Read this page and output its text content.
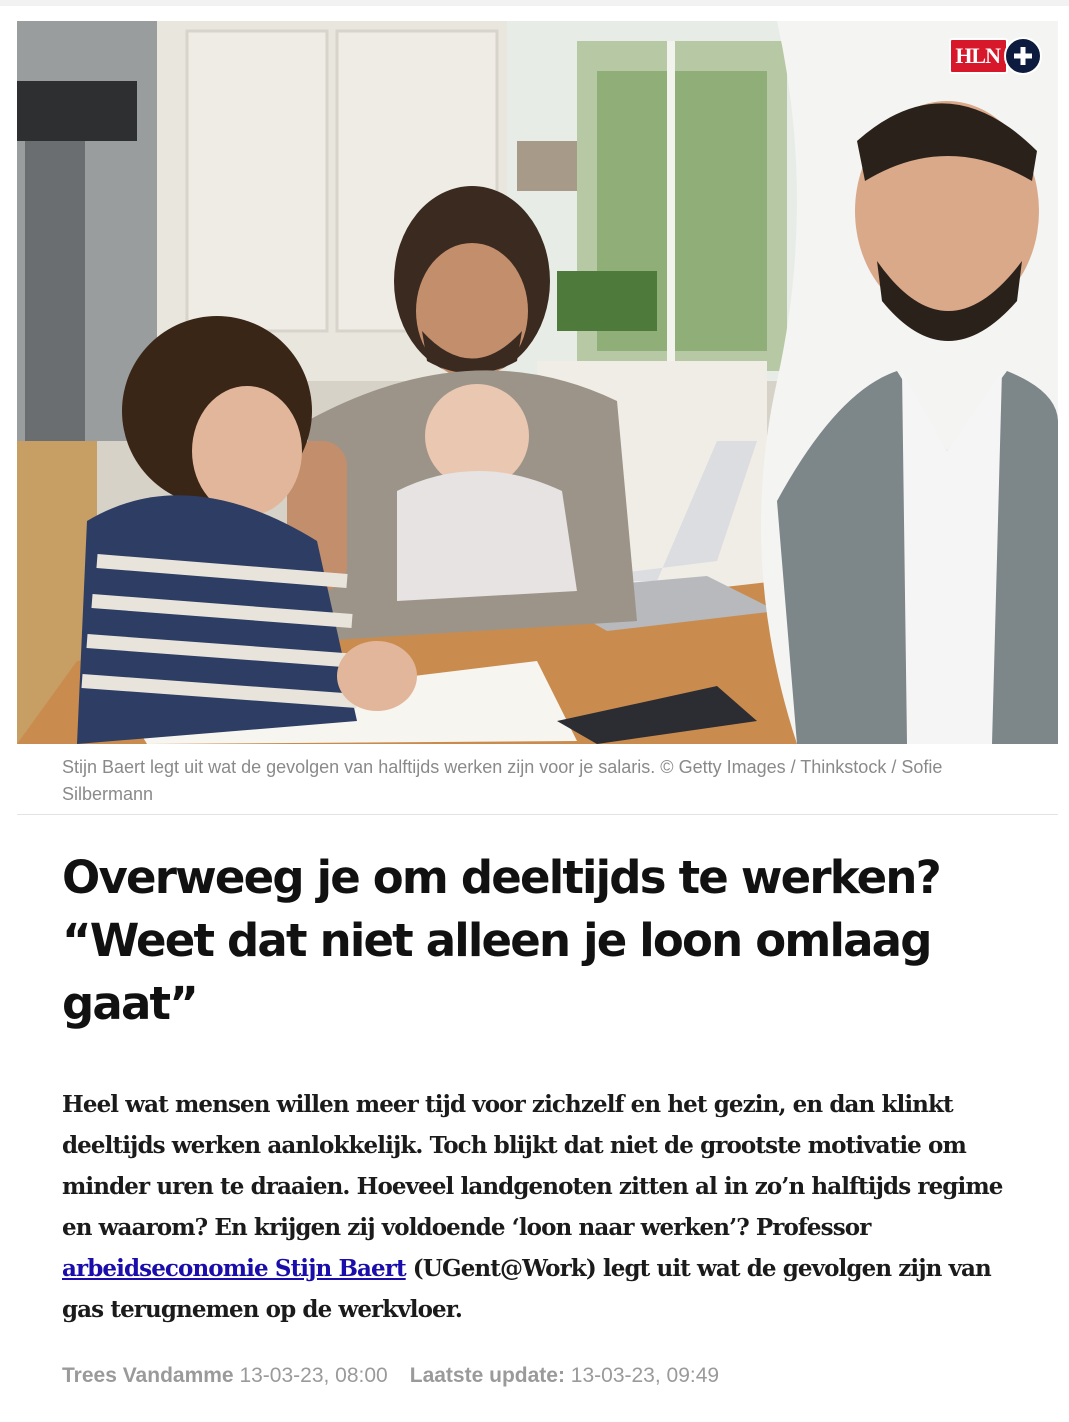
HLN
Stijn Baert legt uit wat de gevolgen van halftijds werken zijn voor je salaris. © Getty Images / Thinkstock / Sofie Silbermann
Overweeg je om deeltijds te werken? “Weet dat niet alleen je loon omlaag gaat”

Heel wat mensen willen meer tijd voor zichzelf en het gezin, en dan klinkt deeltijds werken aanlokkelijk. Toch blijkt dat niet de grootste motivatie om minder uren te draaien. Hoeveel landgenoten zitten al in zo’n halftijds regime en waarom? En krijgen zij voldoende ‘loon naar werken’? Professor arbeidseconomie Stijn Baert (UGent@Work) legt uit wat de gevolgen zijn van gas terugnemen op de werkvloer.

Trees Vandamme 13-03-23, 08:00 Laatste update: 13-03-23, 09:49
